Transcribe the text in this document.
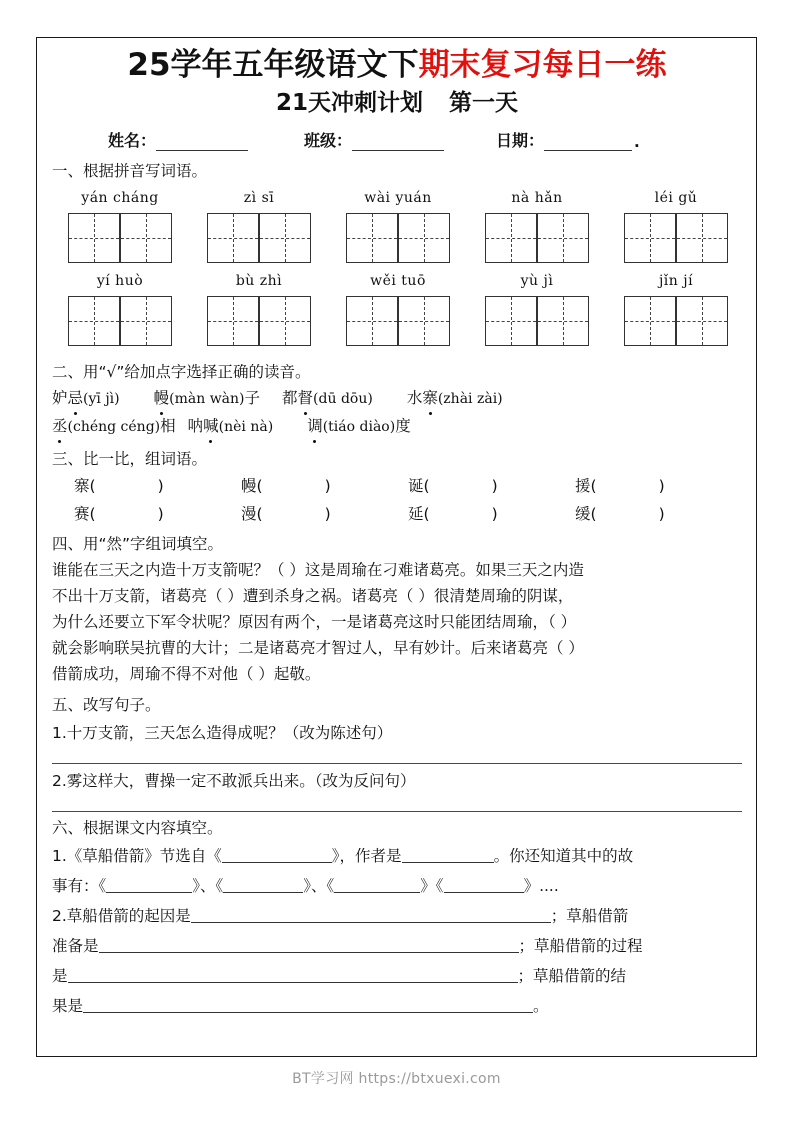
25学年五年级语文下期末复习每日一练
21天冲刺计划 第一天
姓名：	班级：	日期：	.
一、根据拼音写词语。
yán cháng	zì sī	wài yuán	nà hǎn	léi gǔ
yí huò	bù zhì	wěi tuō	yù jì	jǐn jí
二、用“√”给加点字选择正确的读音。
妒忌(yī jì) 幔(màn wàn)子 都督(dū dōu) 水寨(zhài zài)
丞(chéng céng)相 呐喊(nèi nà) 调(tiáo diào)度
三、比一比，组词语。
寨(	)	幔(	)	诞(	)	援(	)
赛(	)	漫(	)	延(	)	缓(	)
四、用“然”字组词填空。
谁能在三天之内造十万支箭呢？（ ）这是周瑜在刁难诸葛亮。如果三天之内造
不出十万支箭，诸葛亮（ ）遭到杀身之祸。诸葛亮（ ）很清楚周瑜的阴谋，
为什么还要立下军令状呢？原因有两个，一是诸葛亮这时只能团结周瑜，（ ）
就会影响联吴抗曹的大计；二是诸葛亮才智过人，早有妙计。后来诸葛亮（ ）
借箭成功，周瑜不得不对他（ ）起敬。
五、改写句子。
1.十万支箭，三天怎么造得成呢？（改为陈述句）
2.雾这样大，曹操一定不敢派兵出来。（改为反问句）
六、根据课文内容填空。
1.《草船借箭》节选自《	》，作者是	。你还知道其中的故
事有：《	》、《	》、《	》《	》....
2.草船借箭的起因是	；草船借箭
准备是	；草船借箭的过程
是	；草船借箭的结
果是	。
BT学习网 https://btxuexi.com
